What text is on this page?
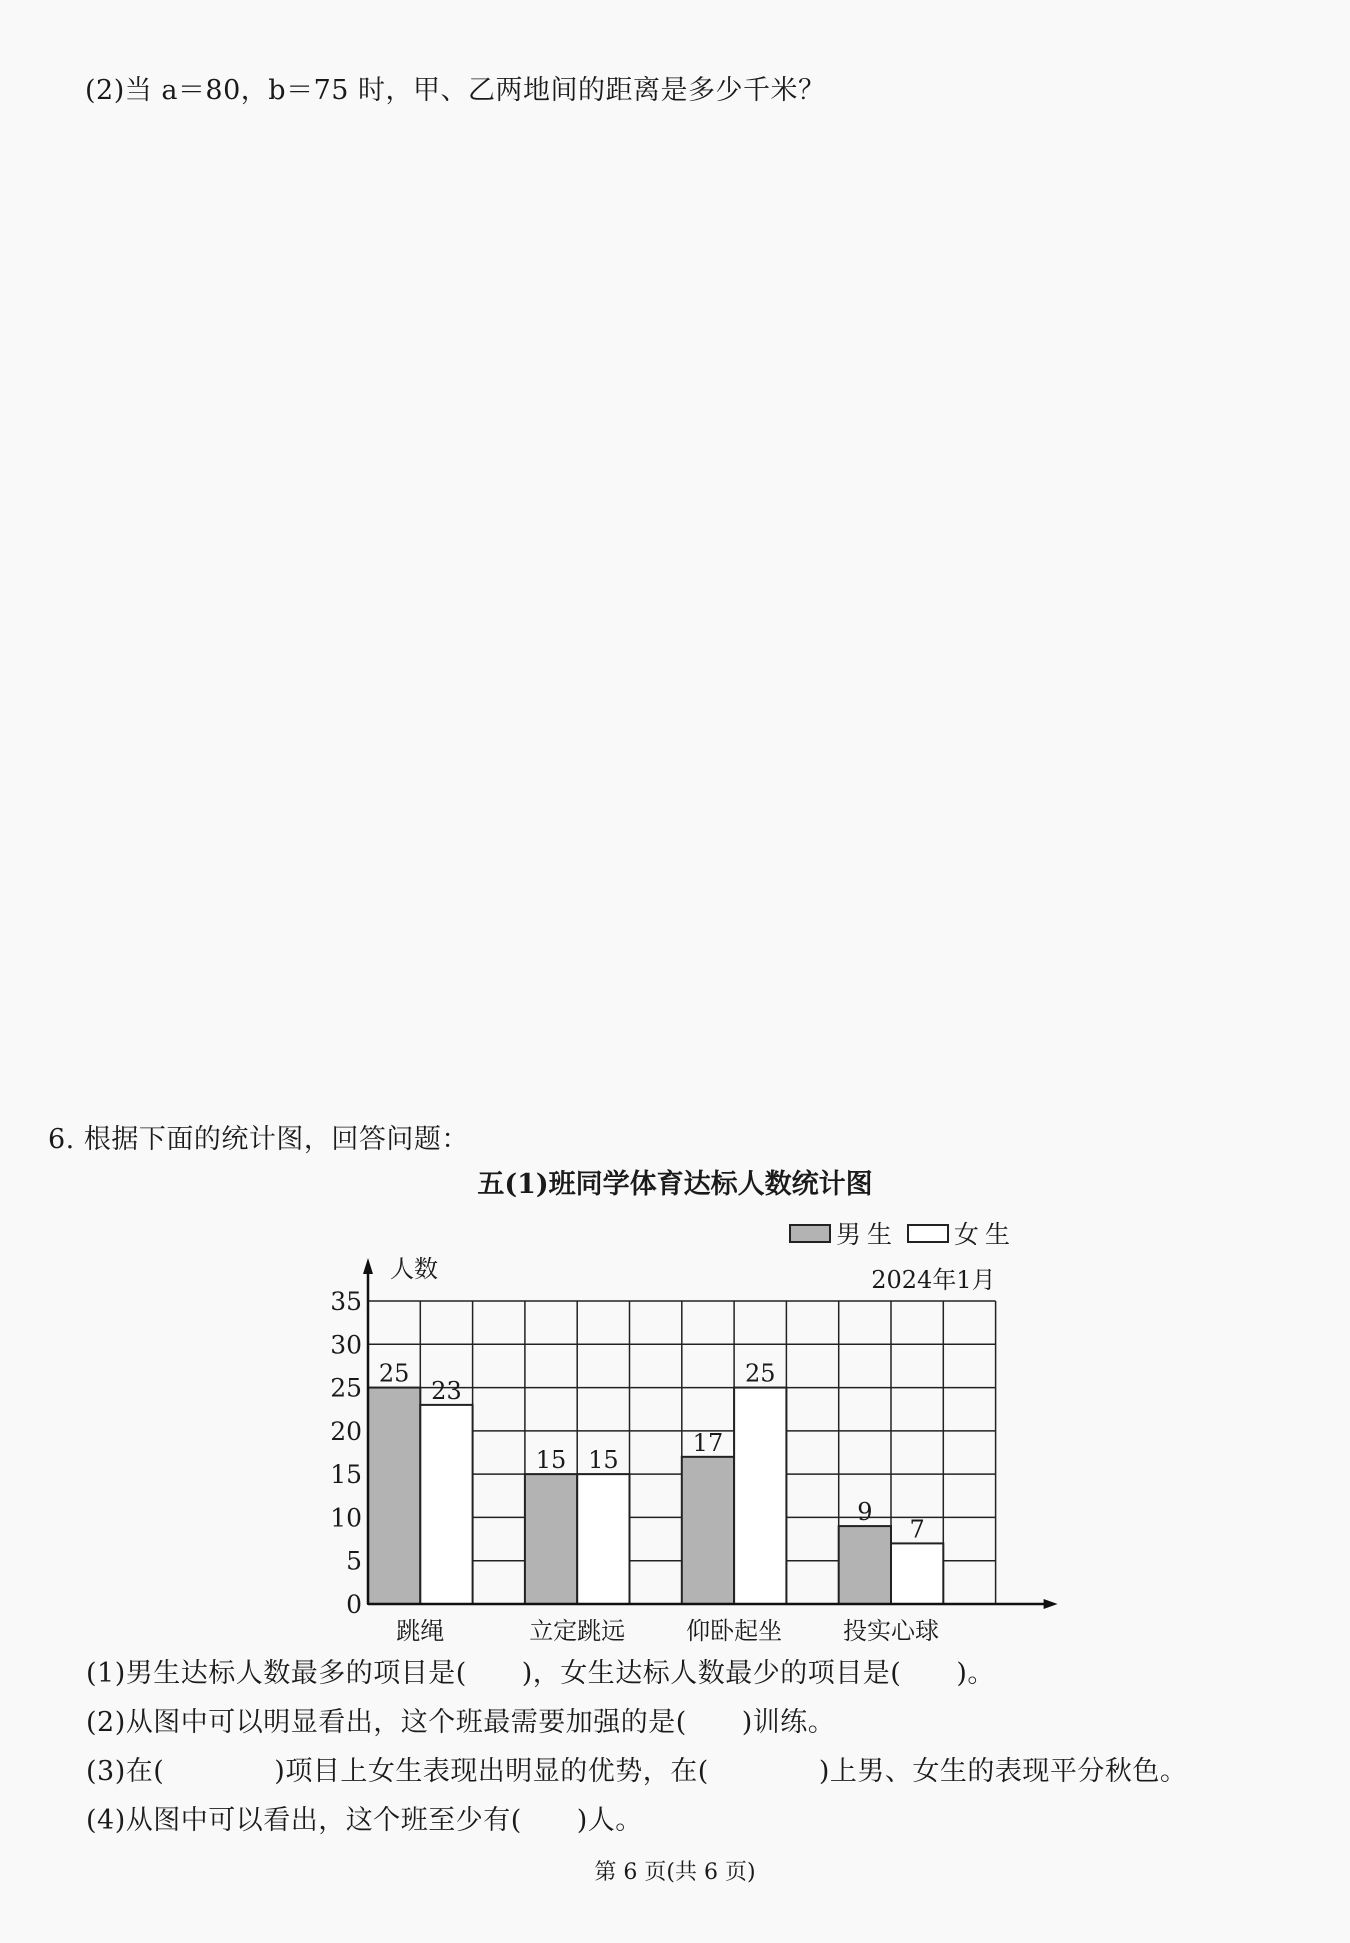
(2)当 a＝80，b＝75 时，甲、乙两地间的距离是多少千米？
6. 根据下面的统计图，回答问题：
五(1)班同学体育达标人数统计图
25
23
跳绳
15 15
立定跳远
17
25
仰卧起坐
9
7
投实心球
0
5
10
15
20
25
30
35
人数	2024年1月
男生 女生
(1)男生达标人数最多的项目是(　　)，女生达标人数最少的项目是(　　)。
(2)从图中可以明显看出，这个班最需要加强的是(　　)训练。
(3)在(　　　　)项目上女生表现出明显的优势，在(　　　　)上男、女生的表现平分秋色。
(4)从图中可以看出，这个班至少有(　　)人。
第 6 页(共 6 页)
